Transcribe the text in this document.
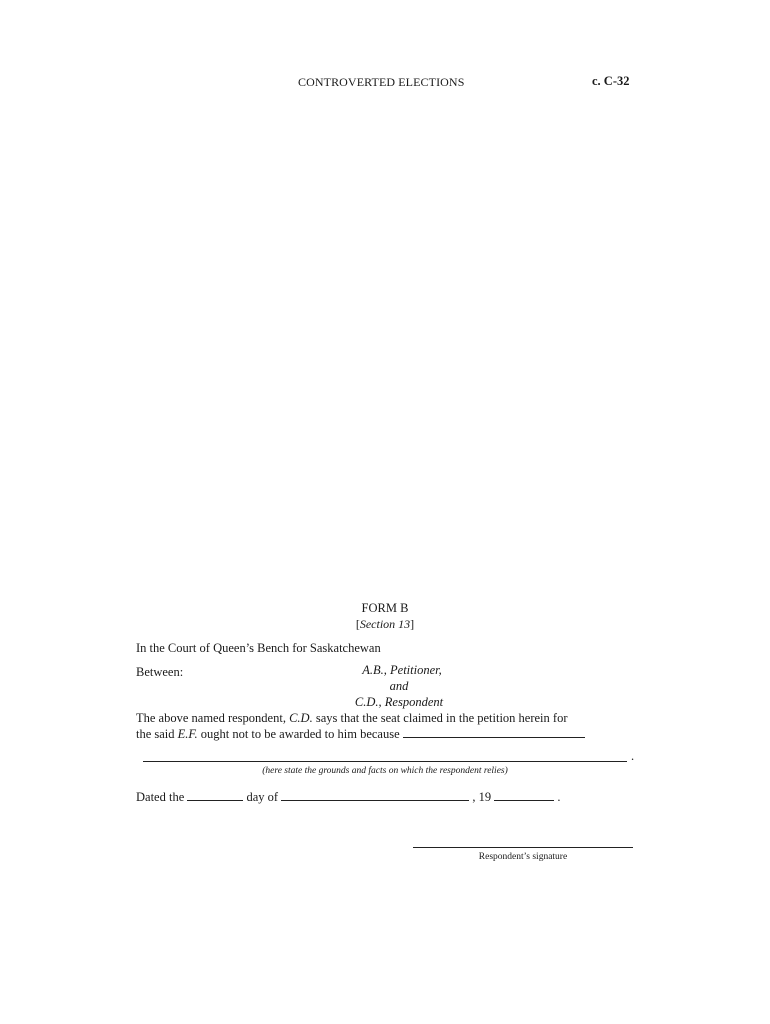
CONTROVERTED ELECTIONS	c. C-32
FORM B
[Section 13]
In the Court of Queen’s Bench for Saskatchewan
Between:	A.B., Petitioner,
and
C.D., Respondent
The above named respondent, C.D. says that the seat claimed in the petition herein for
the said E.F. ought not to be awarded to him because
.
(here state the grounds and facts on which the respondent relies)
Dated the	day of	, 19	.
Respondent’s signature
